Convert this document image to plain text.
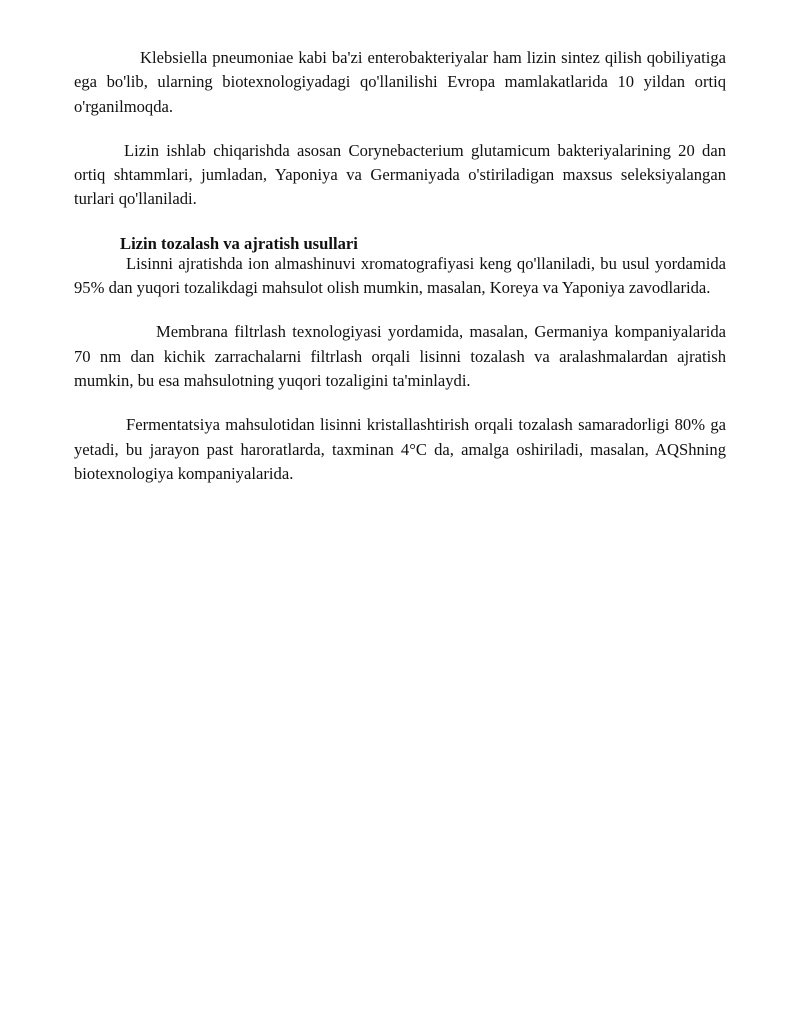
Klebsiella pneumoniae kabi ba'zi enterobakteriyalar ham lizin sintez qilish qobiliyatiga ega bo'lib, ularning biotexnologiyadagi qo'llanilishi Evropa mamlakatlarida 10 yildan ortiq o'rganilmoqda.

Lizin ishlab chiqarishda asosan Corynebacterium glutamicum bakteriyalarining 20 dan ortiq shtammlari, jumladan, Yaponiya va Germaniyada o'stiriladigan maxsus seleksiyalangan turlari qo'llaniladi.

Lizin tozalash va ajratish usullari

Lisinni ajratishda ion almashinuvi xromatografiyasi keng qo'llaniladi, bu usul yordamida 95% dan yuqori tozalikdagi mahsulot olish mumkin, masalan, Koreya va Yaponiya zavodlarida.

Membrana filtrlash texnologiyasi yordamida, masalan, Germaniya kompaniyalarida 70 nm dan kichik zarrachalarni filtrlash orqali lisinni tozalash va aralashmalardan ajratish mumkin, bu esa mahsulotning yuqori tozaligini ta'minlaydi.

Fermentatsiya mahsulotidan lisinni kristallashtirish orqali tozalash samaradorligi 80% ga yetadi, bu jarayon past haroratlarda, taxminan 4°C da, amalga oshiriladi, masalan, AQShning biotexnologiya kompaniyalarida.
